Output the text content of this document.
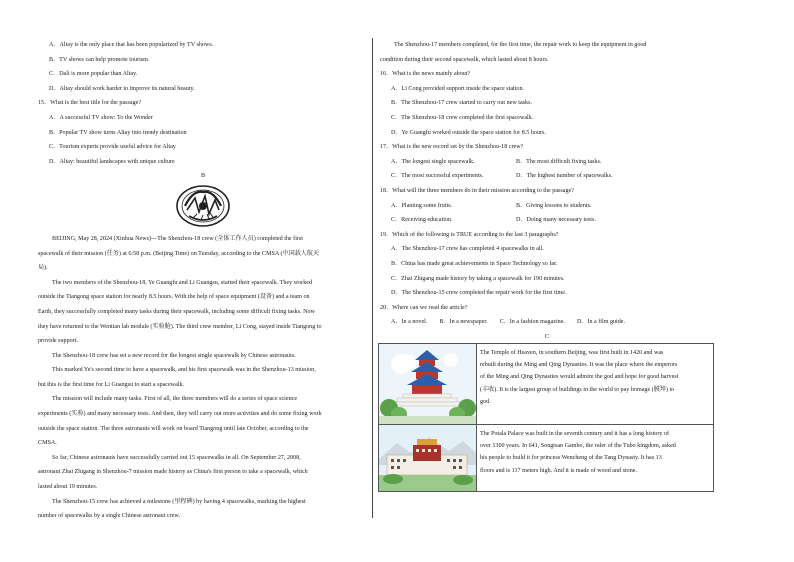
A．Altay is the only place that has been popularized by TV shows.
B．TV shows can help promote tourism.
C．Dali is more popular than Altay.
D．Altay should work harder to improve its natural beauty.
15．What is the best title for the passage?
A．A successful TV show: To the Wonder
B．Popular TV show turns Altay into trendy destination
C．Tourism experts provide useful advice for Altay
D．Altay: beautiful landscapes with unique culture
B
BEIJING, May 28, 2024 (Xinhua News)—The Shenzhou-18 crew (全体工作人员) completed the first
spacewalk of their mission (任务) at 6:58 p.m. (Beijing Time) on Tuesday, according to the CMSA (中国载人航天
局).
The two members of the Shenzhou-18, Ye Guangfu and Li Guangsu, started their spacewalk. They worked
outside the Tiangong space station for nearly 8.5 hours. With the help of space equipment (设备) and a team on
Earth, they successfully completed many tasks during their spacewalk, including some difficult fixing tasks. Now
they have returned to the Wentian lab module (实验舱). The third crew member, Li Cong, stayed inside Tiangong to
provide support.
The Shenzhou-18 crew has set a new record for the longest single spacewalk by Chinese astronauts.
This marked Ye's second time to have a spacewalk, and his first spacewalk was in the Shenzhou-13 mission,
but this is the first time for Li Guangsu to start a spacewalk.
The mission will include many tasks. First of all, the three members will do a series of space science
experiments (实验) and many necessary tests. And then, they will carry out more activities and do some fixing work
outside the space station. The three astronauts will work on board Tiangong until late October, according to the
CMSA.
So far, Chinese astronauts have successfully carried out 15 spacewalks in all. On September 27, 2008,
astronaut Zhai Zhigang in Shenzhou-7 mission made history as China's first person to take a spacewalk, which
lasted about 19 minutes.
The Shenzhou-15 crew has achieved a milestone (里程碑) by having 4 spacewalks, marking the highest
number of spacewalks by a single Chinese astronaut crew.
The Shenzhou-17 members completed, for the first time, the repair work to keep the equipment in good
condition during their second spacewalk, which lasted about 8 hours.
16．What is the news mainly about?
A．Li Cong provided support inside the space station.
B．The Shenzhou-17 crew started to carry out new tasks.
C．The Shenzhou-18 crew completed the first spacewalk.
D．Ye Guangfu worked outside the space station for 8.5 hours.
17．What is the new record set by the Shenzhou-18 crew?
A．The longest single spacewalk.	B．The most difficult fixing tasks.
C．The most successful experiments.	D．The highest number of spacewalks.
18．What will the three members do in their mission according to the passage?
A．Planting some fruits.	B．Giving lessons to students.
C．Receiving education.	D．Doing many necessary tests.
19．Which of the following is TRUE according to the last 3 paragraphs?
A．The Shenzhou-17 crew has completed 4 spacewalks in all.
B．China has made great achievements in Space Technology so far.
C．Zhai Zhigang made history by taking a spacewalk for 190 minutes.
D．The Shenzhou-15 crew completed the repair work for the first time.
20．Where can we read the article?
A．In a novel. B．In a newspaper. C．In a fashion magazine. D．In a film guide.
C
The Temple of Heaven, in southern Beijing, was first built in 1420 and was
rebuilt during the Ming and Qing Dynasties. It was the place where the emperors
of the Ming and Qing Dynasties would admire the god and hope for good harvest
(丰收). It is the largest group of buildings in the world to pay homage (膜拜) to
god.
The Potala Palace was built in the seventh century and it has a long history of
over 1300 years. In 641, Songtsan Gambo, the ruler of the Tubo kingdom, asked
his people to build it for princess Wencheng of the Tang Dynasty. It has 13
floors and is 117 meters high. And it is made of wood and stone.
